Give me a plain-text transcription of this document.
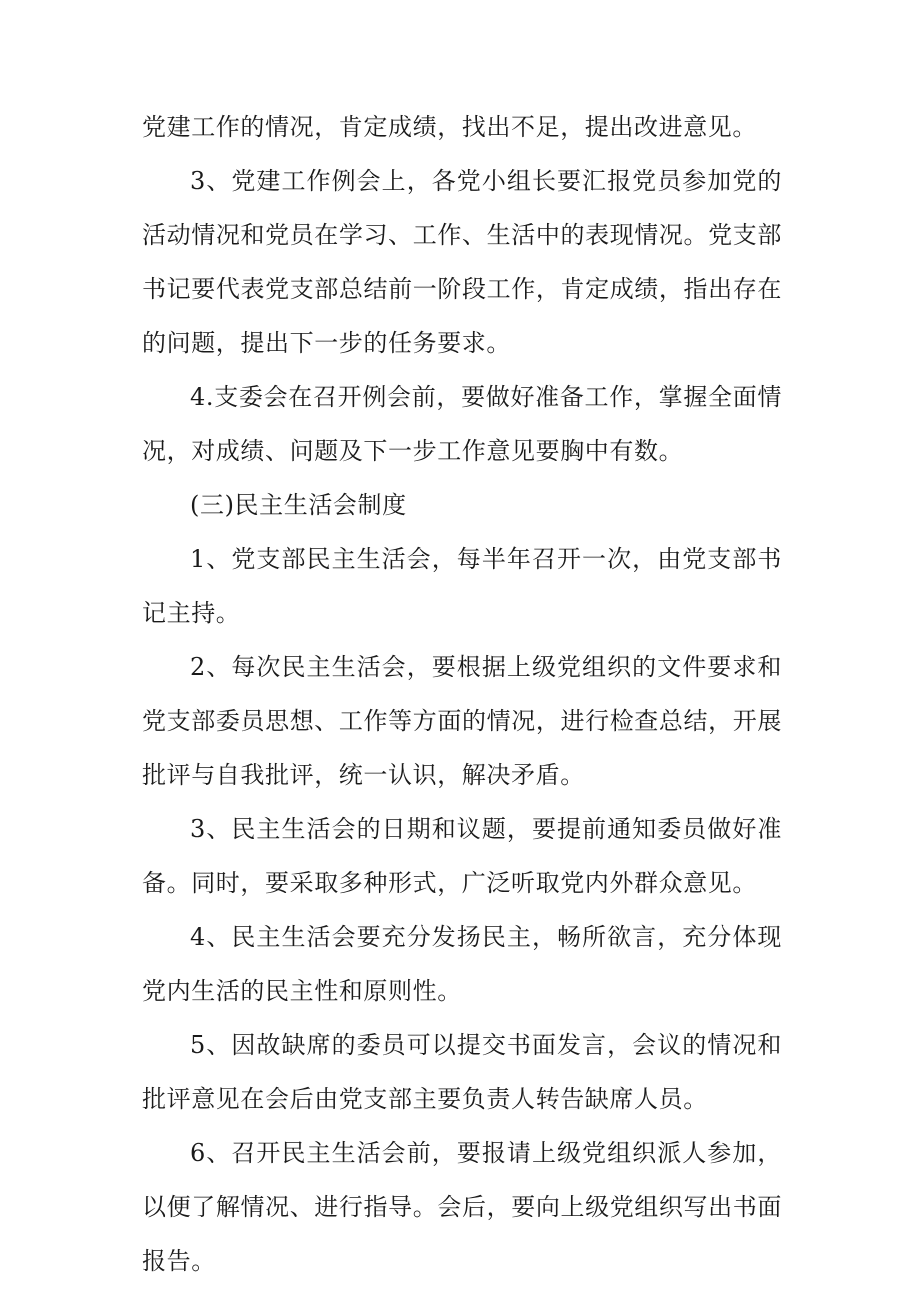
党建工作的情况，肯定成绩，找出不足，提出改进意见。

3、党建工作例会上，各党小组长要汇报党员参加党的活动情况和党员在学习、工作、生活中的表现情况。党支部书记要代表党支部总结前一阶段工作，肯定成绩，指出存在的问题，提出下一步的任务要求。

4.支委会在召开例会前，要做好准备工作，掌握全面情况，对成绩、问题及下一步工作意见要胸中有数。

(三)民主生活会制度

1、党支部民主生活会，每半年召开一次，由党支部书记主持。

2、每次民主生活会，要根据上级党组织的文件要求和党支部委员思想、工作等方面的情况，进行检查总结，开展批评与自我批评，统一认识，解决矛盾。

3、民主生活会的日期和议题，要提前通知委员做好准备。同时，要采取多种形式，广泛听取党内外群众意见。

4、民主生活会要充分发扬民主，畅所欲言，充分体现党内生活的民主性和原则性。

5、因故缺席的委员可以提交书面发言，会议的情况和批评意见在会后由党支部主要负责人转告缺席人员。

6、召开民主生活会前，要报请上级党组织派人参加，以便了解情况、进行指导。会后，要向上级党组织写出书面报告。
